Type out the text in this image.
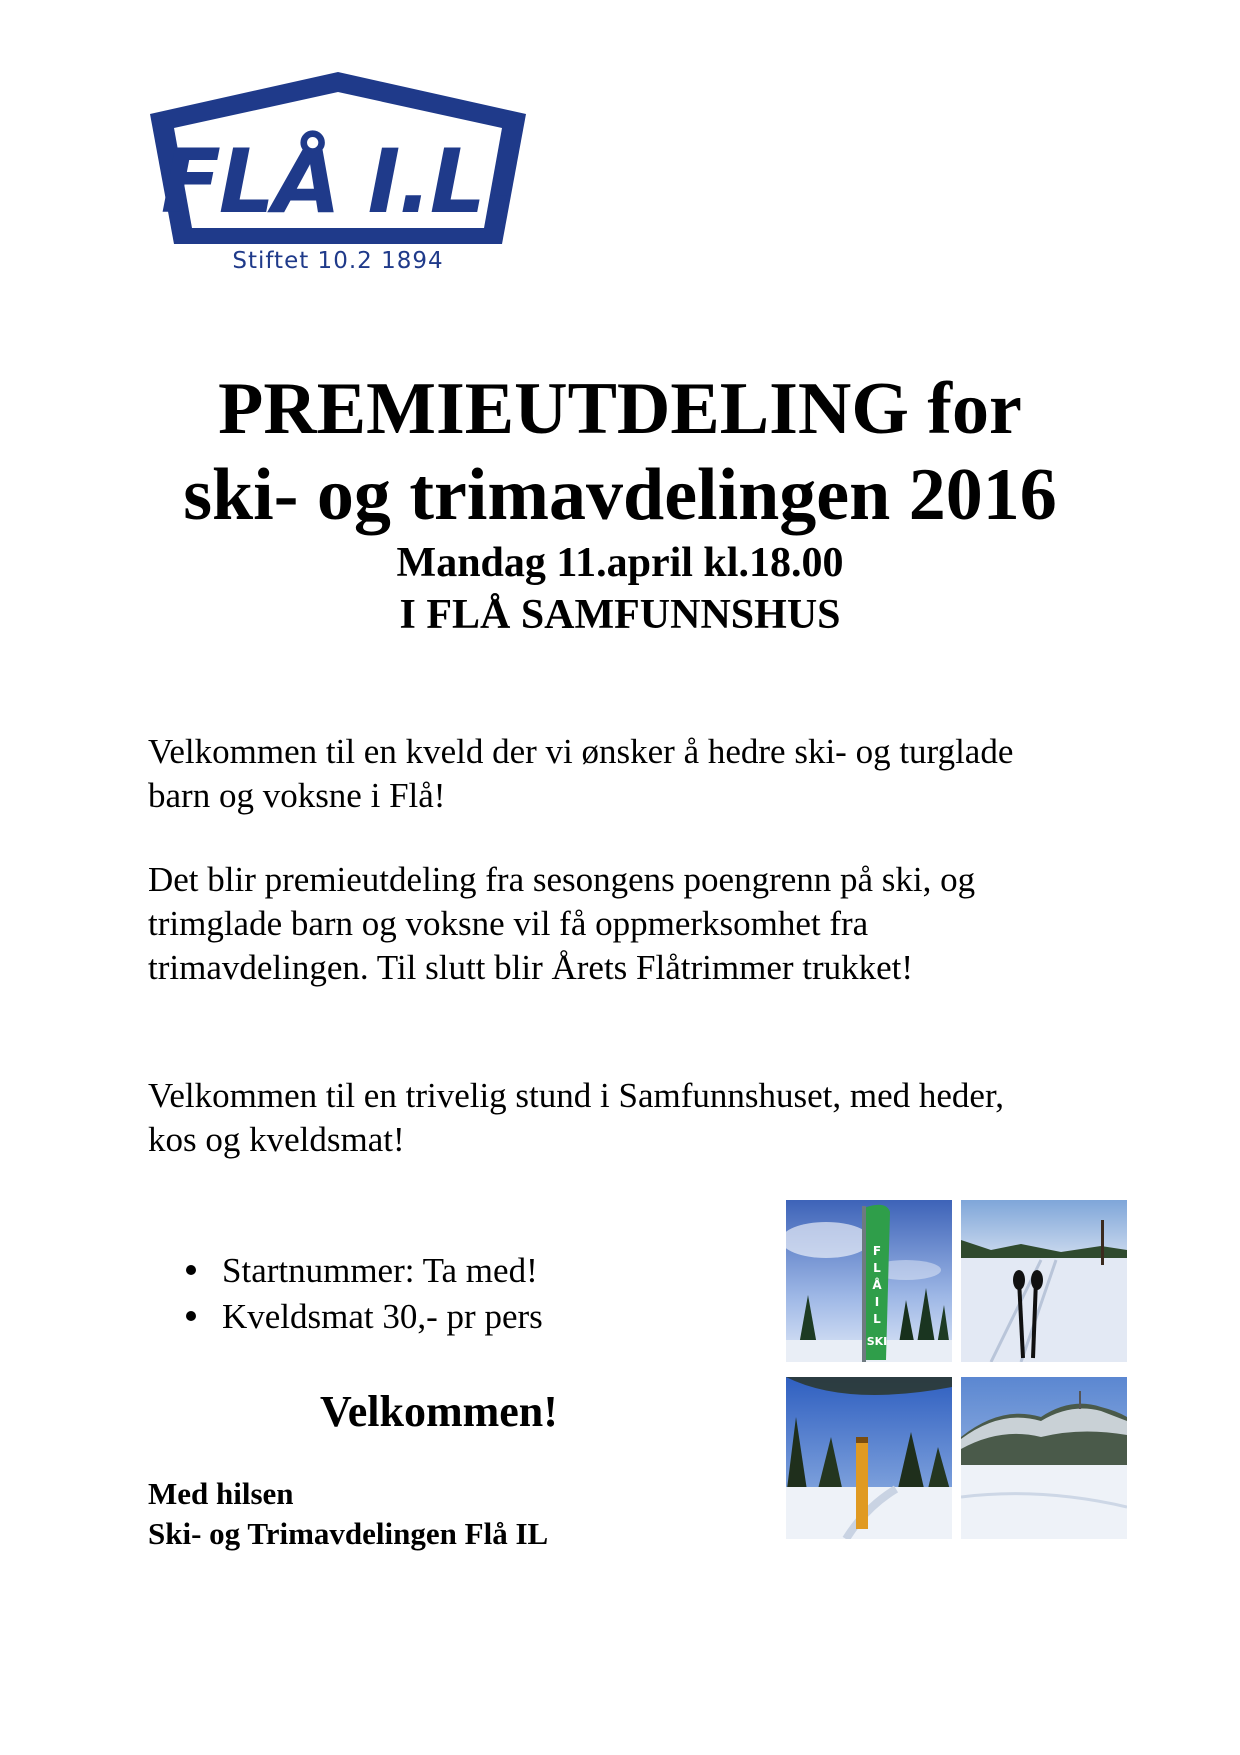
FLÅ I.L.
Stiftet 10.2 1894
PREMIEUTDELING for
ski- og trimavdelingen 2016
Mandag 11.april kl.18.00
I FLÅ SAMFUNNSHUS

Velkommen til en kveld der vi ønsker å hedre ski- og turglade
barn og voksne i Flå!

Det blir premieutdeling fra sesongens poengrenn på ski, og
trimglade barn og voksne vil få oppmerksomhet fra
trimavdelingen. Til slutt blir Årets Flåtrimmer trukket!

Velkommen til en trivelig stund i Samfunnshuset, med heder,
kos og kveldsmat!

Startnummer: Ta med!
Kveldsmat 30,- pr pers

Velkommen!

Med hilsen
Ski- og Trimavdelingen Flå IL

F
L
Å
I
L
SKI
